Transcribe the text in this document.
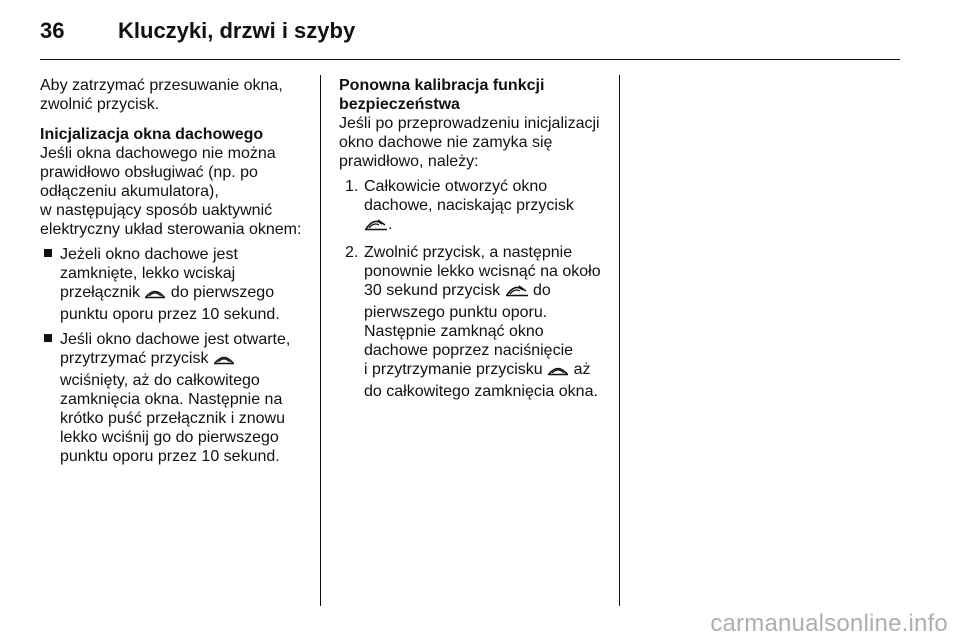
36 Kluczyki, drzwi i szyby

Aby zatrzymać przesuwanie okna,
zwolnić przycisk.

Inicjalizacja okna dachowego

Jeśli okna dachowego nie można
prawidłowo obsługiwać (np. po
odłączeniu akumulatora),
w następujący sposób uaktywnić
elektryczny układ sterowania oknem:

Jeżeli okno dachowe jest
zamknięte, lekko wciskaj
przełącznik  do pierwszego
punktu oporu przez 10 sekund.
Jeśli okno dachowe jest otwarte,
przytrzymać przycisk
wciśnięty, aż do całkowitego
zamknięcia okna. Następnie na
krótko puść przełącznik i znowu
lekko wciśnij go do pierwszego
punktu oporu przez 10 sekund.

Ponowna kalibracja funkcji
bezpieczeństwa

Jeśli po przeprowadzeniu inicjalizacji
okno dachowe nie zamyka się
prawidłowo, należy:

1. Całkowicie otworzyć okno
dachowe, naciskając przycisk
.
2. Zwolnić przycisk, a następnie
ponownie lekko wcisnąć na około
30 sekund przycisk  do
pierwszego punktu oporu.
Następnie zamknąć okno
dachowe poprzez naciśnięcie
i przytrzymanie przycisku  aż
do całkowitego zamknięcia okna.
carmanualsonline.info
